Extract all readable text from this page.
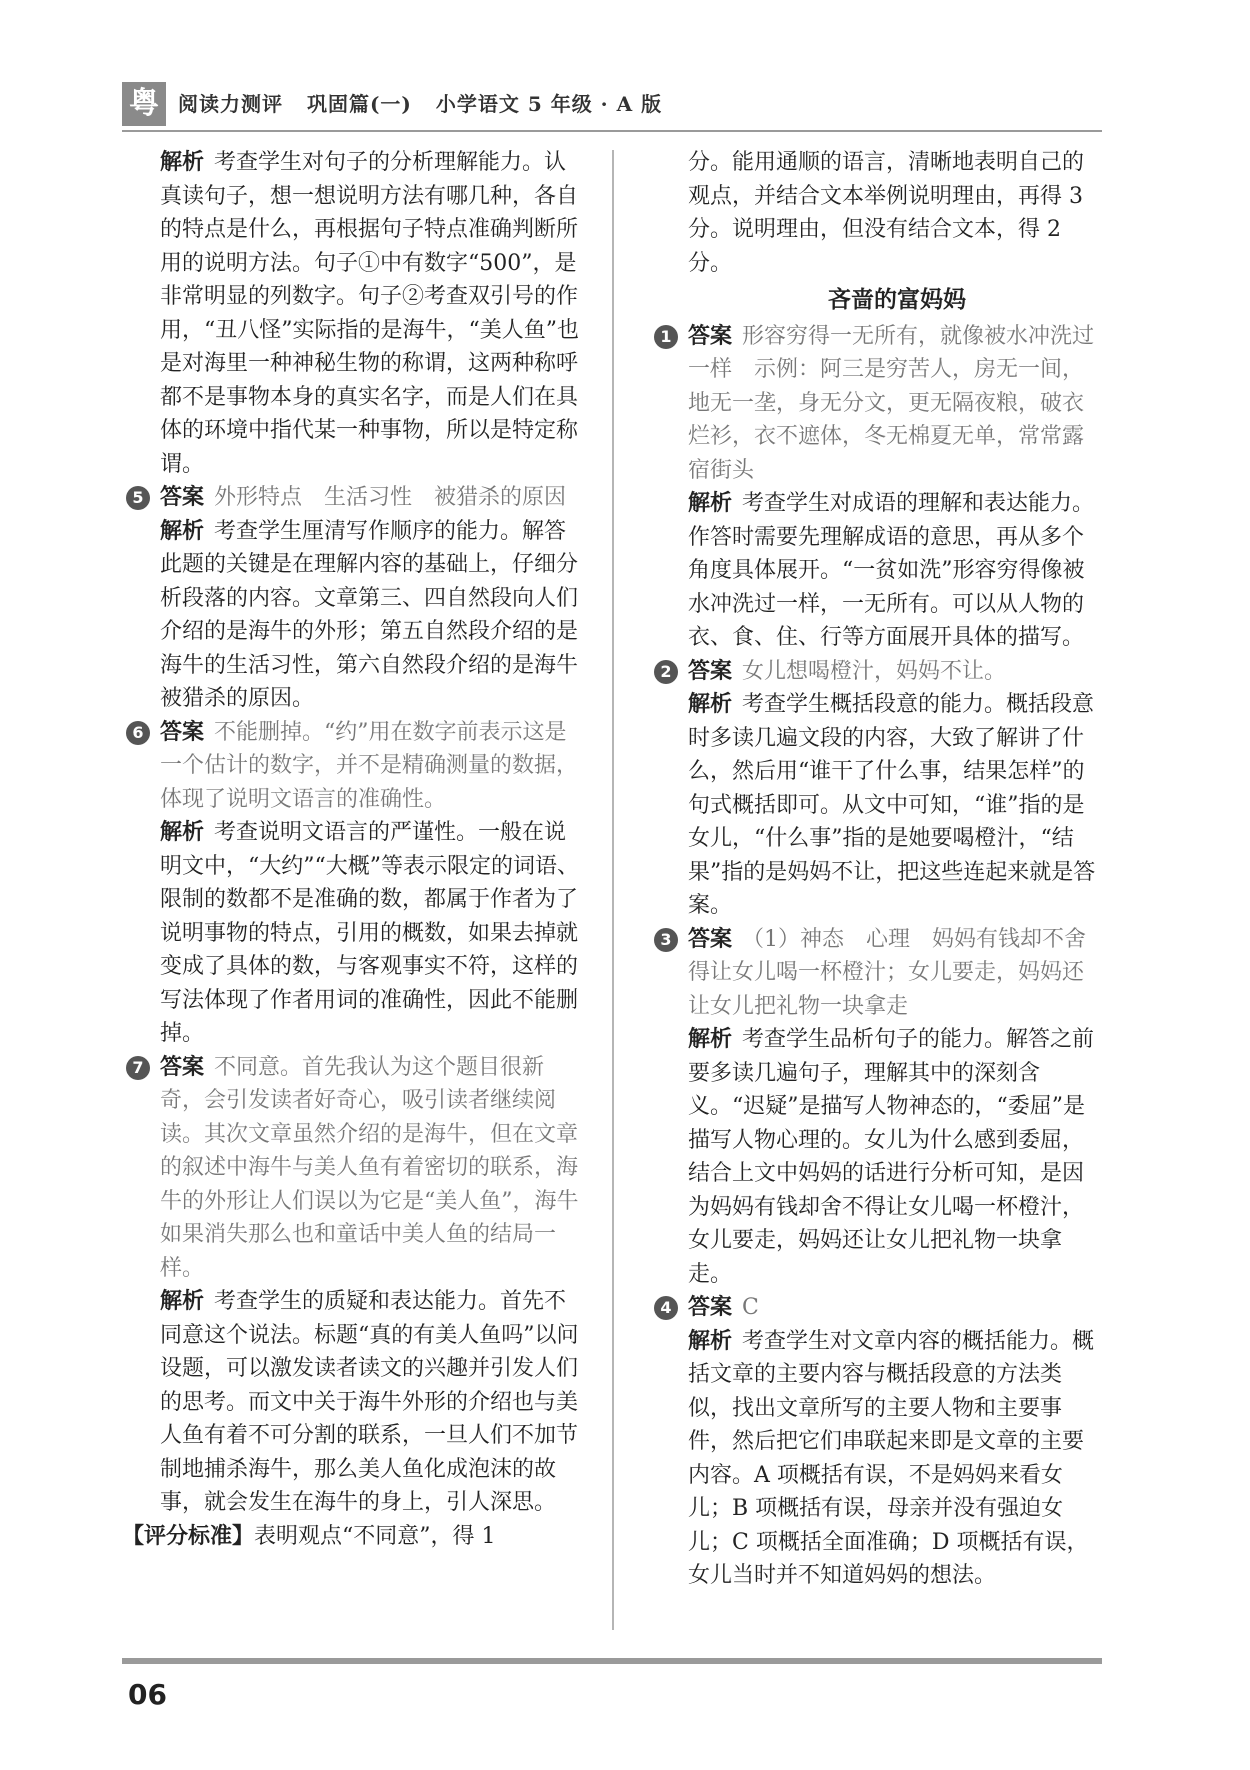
粤 阅读力测评 巩固篇(一) 小学语文 5 年级 · A 版

解析 考查学生对句子的分析理解能力。认真读句子，想一想说明方法有哪几种，各自的特点是什么，再根据句子特点准确判断所用的说明方法。句子①中有数字“500”，是非常明显的列数字。句子②考查双引号的作用，“丑八怪”实际指的是海牛，“美人鱼”也是对海里一种神秘生物的称谓，这两种称呼都不是事物本身的真实名字，而是人们在具体的环境中指代某一种事物，所以是特定称谓。

5 答案 外形特点　生活习性　被猎杀的原因

解析 考查学生厘清写作顺序的能力。解答此题的关键是在理解内容的基础上，仔细分析段落的内容。文章第三、四自然段向人们介绍的是海牛的外形；第五自然段介绍的是海牛的生活习性，第六自然段介绍的是海牛被猎杀的原因。

6 答案 不能删掉。“约”用在数字前表示这是一个估计的数字，并不是精确测量的数据，体现了说明文语言的准确性。

解析 考查说明文语言的严谨性。一般在说明文中，“大约”“大概”等表示限定的词语、限制的数都不是准确的数，都属于作者为了说明事物的特点，引用的概数，如果去掉就变成了具体的数，与客观事实不符，这样的写法体现了作者用词的准确性，因此不能删掉。

7 答案 不同意。首先我认为这个题目很新奇，会引发读者好奇心，吸引读者继续阅读。其次文章虽然介绍的是海牛，但在文章的叙述中海牛与美人鱼有着密切的联系，海牛的外形让人们误以为它是“美人鱼”，海牛如果消失那么也和童话中美人鱼的结局一样。

解析 考查学生的质疑和表达能力。首先不同意这个说法。标题“真的有美人鱼吗”以问设题，可以激发读者读文的兴趣并引发人们的思考。而文中关于海牛外形的介绍也与美人鱼有着不可分割的联系，一旦人们不加节制地捕杀海牛，那么美人鱼化成泡沫的故事，就会发生在海牛的身上，引人深思。

【评分标准】表明观点“不同意”，得 1

分。能用通顺的语言，清晰地表明自己的观点，并结合文本举例说明理由，再得 3 分。说明理由，但没有结合文本，得 2 分。

吝啬的富妈妈
1 答案 形容穷得一无所有，就像被水冲洗过一样　示例：阿三是穷苦人，房无一间，地无一垄，身无分文，更无隔夜粮，破衣烂衫，衣不遮体，冬无棉夏无单，常常露宿街头

解析 考查学生对成语的理解和表达能力。作答时需要先理解成语的意思，再从多个角度具体展开。“一贫如洗”形容穷得像被水冲洗过一样，一无所有。可以从人物的衣、食、住、行等方面展开具体的描写。

2 答案 女儿想喝橙汁，妈妈不让。

解析 考查学生概括段意的能力。概括段意时多读几遍文段的内容，大致了解讲了什么，然后用“谁干了什么事，结果怎样”的句式概括即可。从文中可知，“谁”指的是女儿，“什么事”指的是她要喝橙汁，“结果”指的是妈妈不让，把这些连起来就是答案。

3 答案 （1）神态　心理　妈妈有钱却不舍得让女儿喝一杯橙汁；女儿要走，妈妈还让女儿把礼物一块拿走

解析 考查学生品析句子的能力。解答之前要多读几遍句子，理解其中的深刻含义。“迟疑”是描写人物神态的，“委屈”是描写人物心理的。女儿为什么感到委屈，结合上文中妈妈的话进行分析可知，是因为妈妈有钱却舍不得让女儿喝一杯橙汁，女儿要走，妈妈还让女儿把礼物一块拿走。

4 答案 C

解析 考查学生对文章内容的概括能力。概括文章的主要内容与概括段意的方法类似，找出文章所写的主要人物和主要事件，然后把它们串联起来即是文章的主要内容。A 项概括有误，不是妈妈来看女儿；B 项概括有误，母亲并没有强迫女儿；C 项概括全面准确；D 项概括有误，女儿当时并不知道妈妈的想法。

06
